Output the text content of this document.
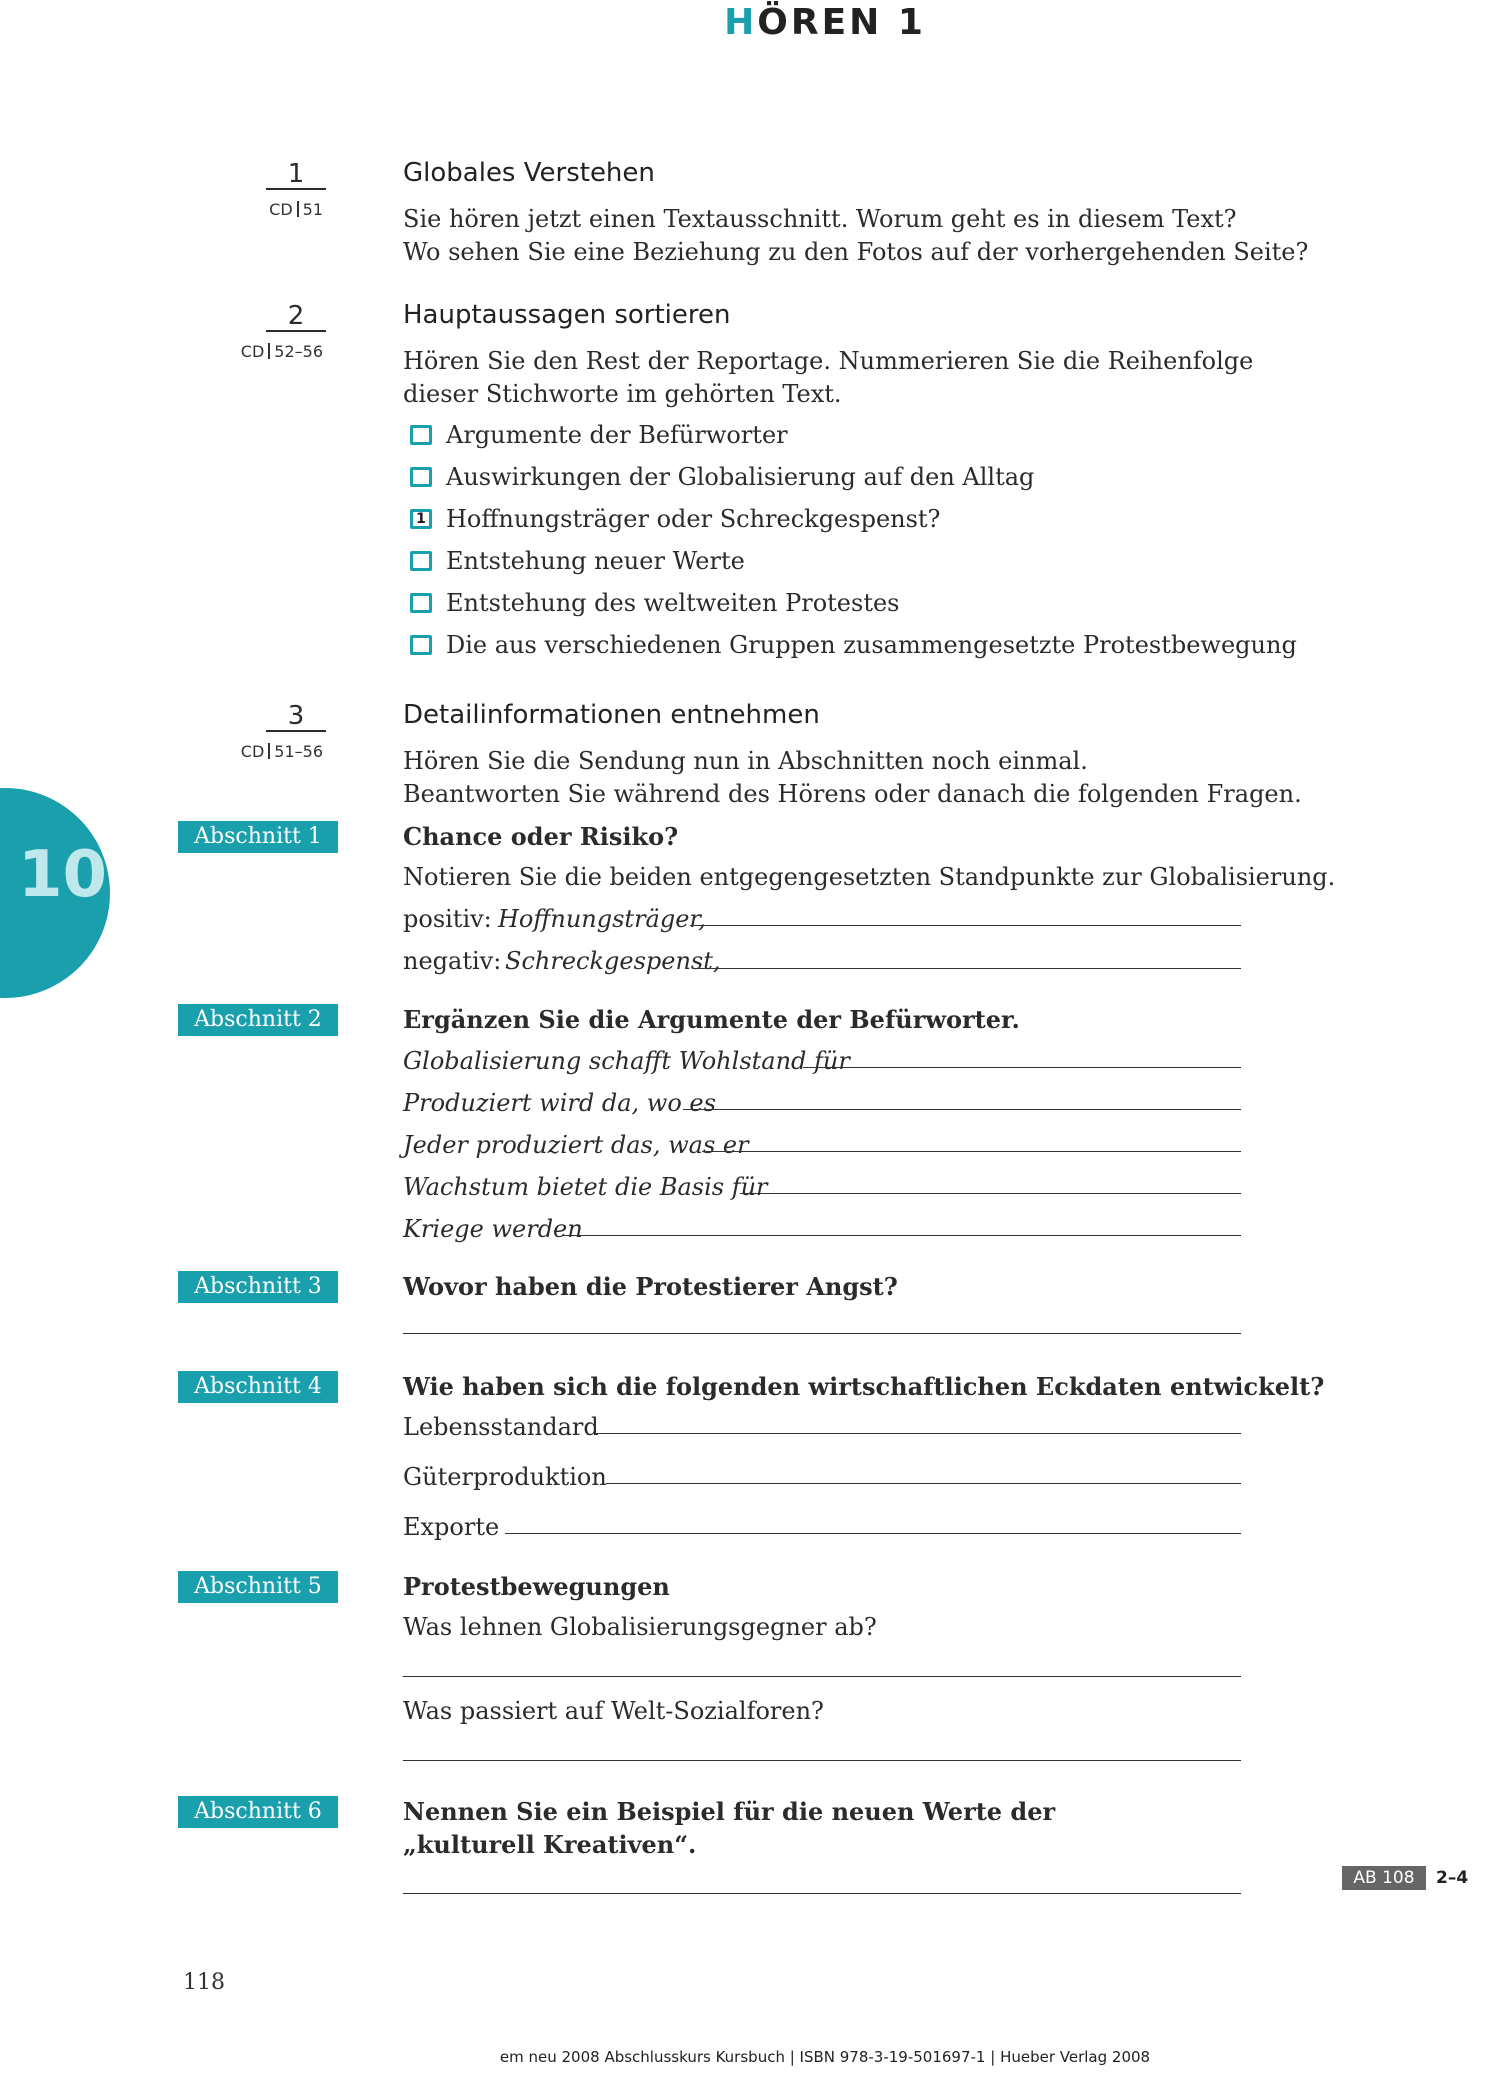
HÖREN 1
10
1
CD 51
Globales Verstehen
Sie hören jetzt einen Textausschnitt. Worum geht es in diesem Text?
Wo sehen Sie eine Beziehung zu den Fotos auf der vorhergehenden Seite?
2
CD 52–56
Hauptaussagen sortieren
Hören Sie den Rest der Reportage. Nummerieren Sie die Reihenfolge
dieser Stichworte im gehörten Text.
Argumente der Befürworter
Auswirkungen der Globalisierung auf den Alltag
1 Hoffnungsträger oder Schreckgespenst?
Entstehung neuer Werte
Entstehung des weltweiten Protestes
Die aus verschiedenen Gruppen zusammengesetzte Protestbewegung
3
CD 51–56
Detailinformationen entnehmen
Hören Sie die Sendung nun in Abschnitten noch einmal.
Beantworten Sie während des Hörens oder danach die folgenden Fragen.
Abschnitt 1	Chance oder Risiko?
Notieren Sie die beiden entgegengesetzten Standpunkte zur Globalisierung.
positiv: Hoffnungsträger,
negativ: Schreckgespenst,
Abschnitt 2	Ergänzen Sie die Argumente der Befürworter.
Globalisierung schafft Wohlstand für
Produziert wird da, wo es
Jeder produziert das, was er
Wachstum bietet die Basis für
Kriege werden
Abschnitt 3	Wovor haben die Protestierer Angst?
Abschnitt 4	Wie haben sich die folgenden wirtschaftlichen Eckdaten entwickelt?
Lebensstandard
Güterproduktion
Exporte
Abschnitt 5	Protestbewegungen
Was lehnen Globalisierungsgegner ab?
Was passiert auf Welt-Sozialforen?
Abschnitt 6	Nennen Sie ein Beispiel für die neuen Werte der
„kulturell Kreativen“.
AB 108	2–4
118
em neu 2008 Abschlusskurs Kursbuch | ISBN 978-3-19-501697-1 | Hueber Verlag 2008
